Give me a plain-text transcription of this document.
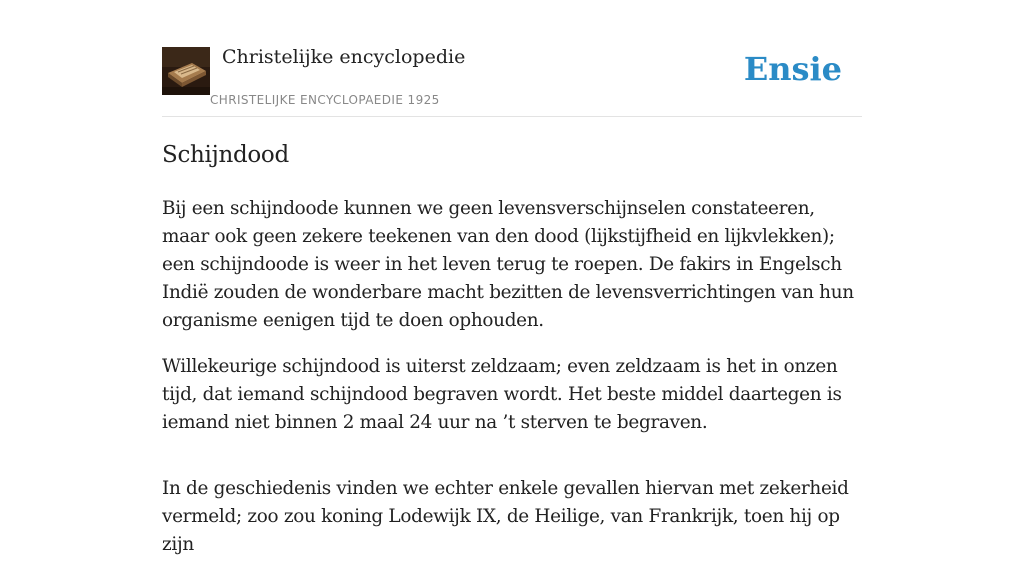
Christelijke encyclopedie
CHRISTELIJKE ENCYCLOPAEDIE 1925
Ensie
Schijndood

Bij een schijndoode kunnen we geen levensverschijnselen constateeren, maar ook geen zekere teekenen van den dood (lijkstijfheid en lijkvlekken); een schijndoode is weer in het leven terug te roepen. De fakirs in Engelsch Indië zouden de wonderbare macht bezitten de levensverrichtingen van hun organisme eenigen tijd te doen ophouden.

Willekeurige schijndood is uiterst zeldzaam; even zeldzaam is het in onzen tijd, dat iemand schijndood begraven wordt. Het beste middel daartegen is iemand niet binnen 2 maal 24 uur na ’t sterven te begraven.

In de geschiedenis vinden we echter enkele gevallen hiervan met zekerheid vermeld; zoo zou koning Lodewijk IX, de Heilige, van Frankrijk, toen hij op zijn
